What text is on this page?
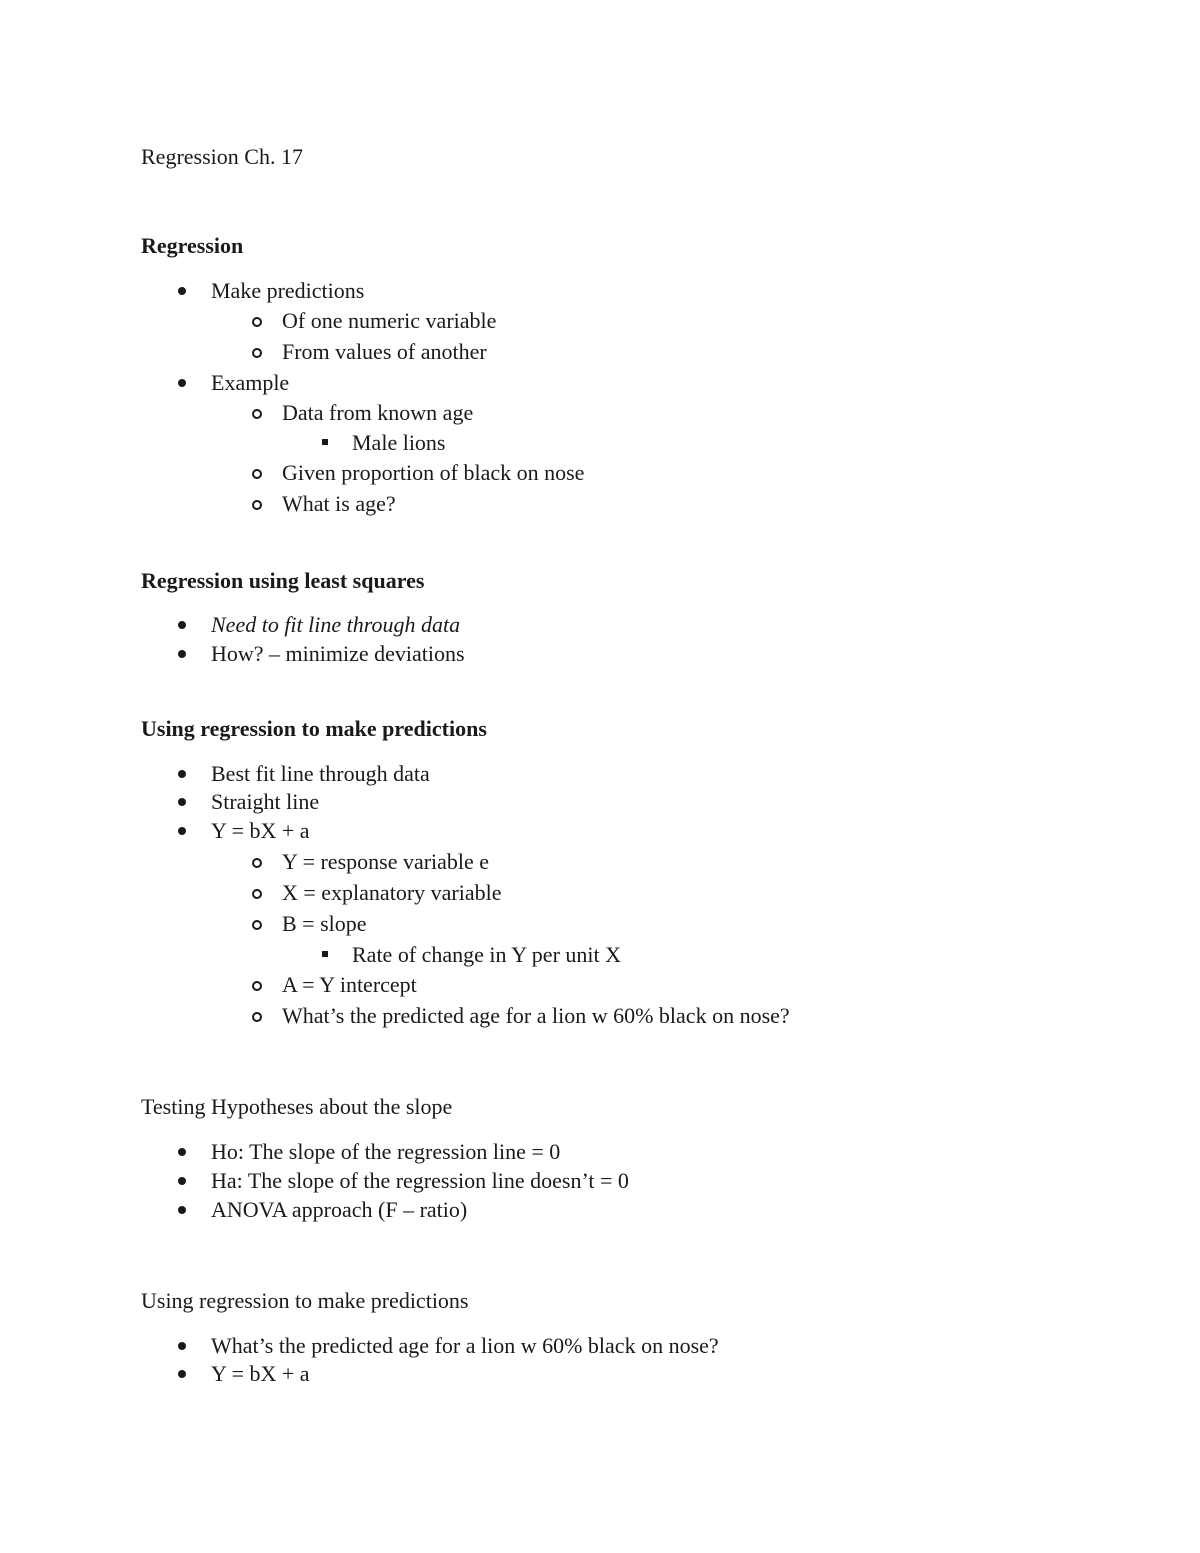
Regression Ch. 17
Regression
Make predictions
Of one numeric variable
From values of another
Example
Data from known age
Male lions
Given proportion of black on nose
What is age?
Regression using least squares
Need to fit line through data
How? – minimize deviations
Using regression to make predictions
Best fit line through data
Straight line
Y = bX + a
Y = response variable e
X = explanatory variable
B = slope
Rate of change in Y per unit X
A = Y intercept
What’s the predicted age for a lion w 60% black on nose?
Testing Hypotheses about the slope
Ho: The slope of the regression line = 0
Ha: The slope of the regression line doesn’t = 0
ANOVA approach (F – ratio)
Using regression to make predictions
What’s the predicted age for a lion w 60% black on nose?
Y = bX + a
